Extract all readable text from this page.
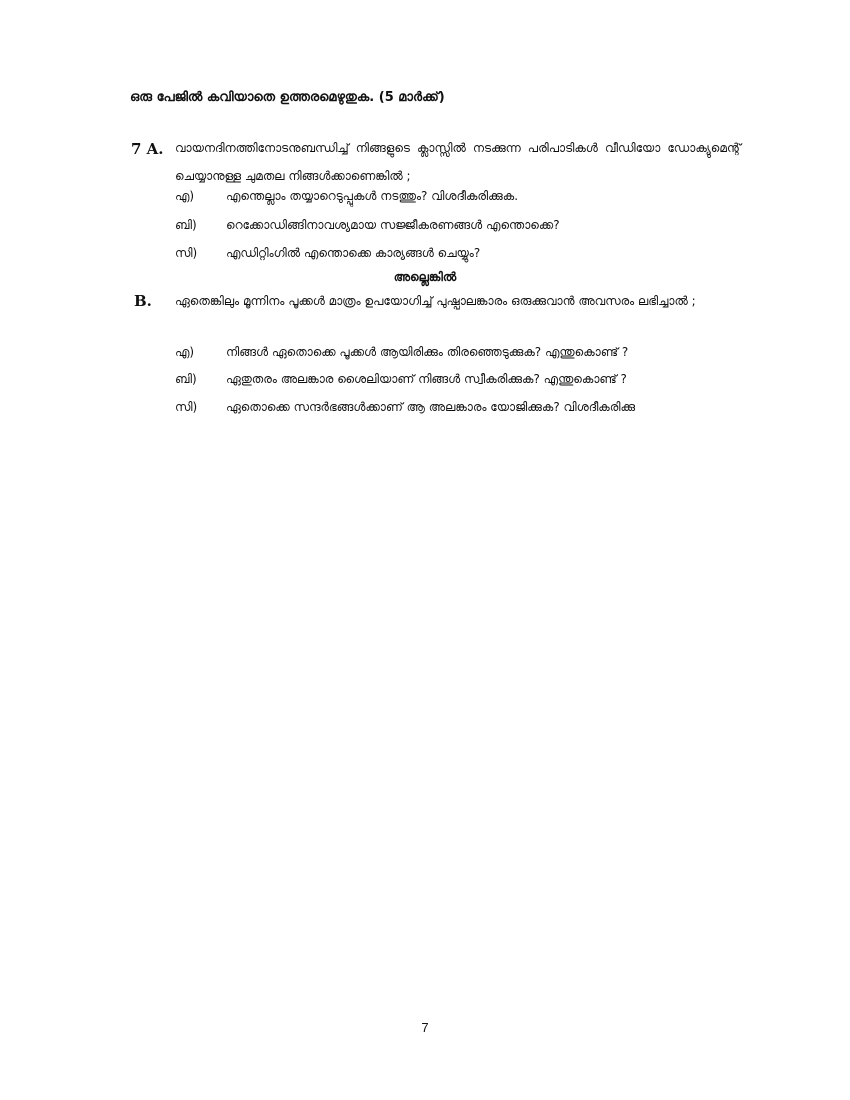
ഒരു പേജിൽ കവിയാതെ ഉത്തരമെഴുതുക. (5 മാർക്ക്)
7 A. വായനദിനത്തിനോടനുബന്ധിച്ച് നിങ്ങളുടെ ക്ലാസ്സിൽ നടക്കുന്ന പരിപാടികൾ വീഡിയോ ഡോക്യുമെന്റ് ചെയ്യാനുള്ള ചുമതല നിങ്ങൾക്കാണെങ്കിൽ ;
എ)	എന്തെല്ലാം തയ്യാറെടുപ്പുകൾ നടത്തും? വിശദീകരിക്കുക.
ബി) റെക്കോഡിങ്ങിനാവശ്യമായ സജ്ജീകരണങ്ങൾ എന്തൊക്കെ?
സി) എഡിറ്റിംഗിൽ എന്തൊക്കെ കാര്യങ്ങൾ ചെയ്യും?
അല്ലെങ്കിൽ
B. ഏതെങ്കിലും മൂന്നിനം പൂക്കൾ മാത്രം ഉപയോഗിച്ച് പുഷ്പാലങ്കാരം ഒരുക്കുവാൻ അവസരം ലഭിച്ചാൽ ;
എ)	നിങ്ങൾ ഏതൊക്കെ പൂക്കൾ ആയിരിക്കും തിരഞ്ഞെടുക്കുക? എന്തുകൊണ്ട് ?
ബി) ഏതുതരം അലങ്കാര ശൈലിയാണ് നിങ്ങൾ സ്വീകരിക്കുക? എന്തുകൊണ്ട് ?
സി) ഏതൊക്കെ സന്ദർഭങ്ങൾക്കാണ് ആ അലങ്കാരം യോജിക്കുക? വിശദീകരിക്കു
7
